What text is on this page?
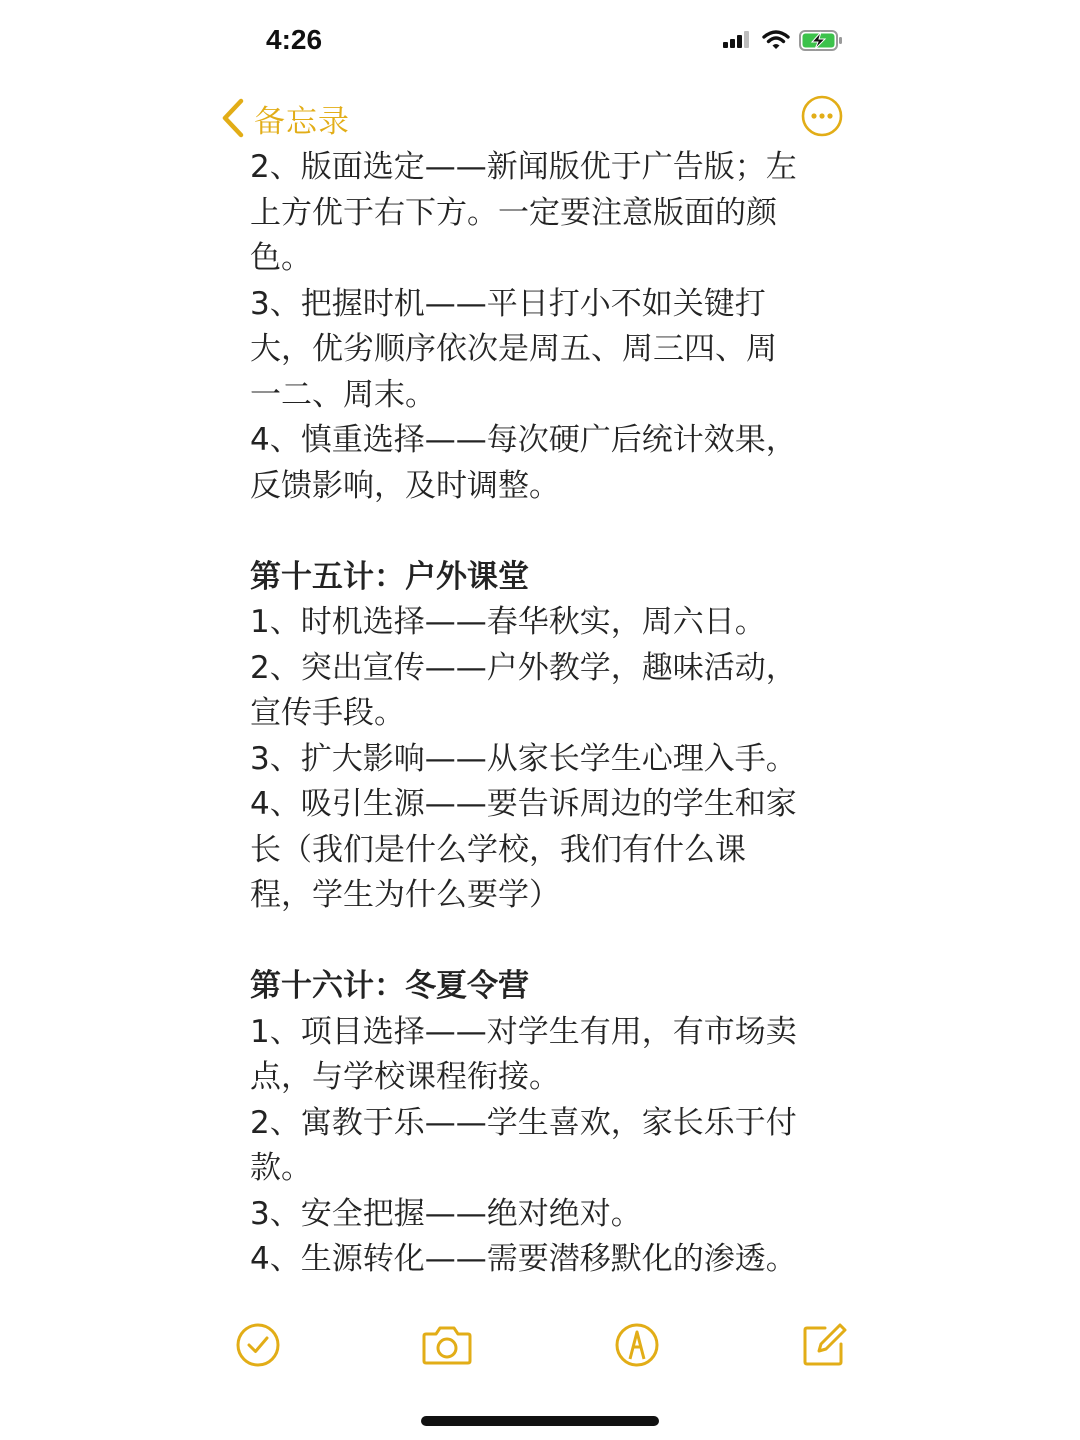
4:26
备忘录
2、版面选定——新闻版优于广告版；左
上方优于右下方。一定要注意版面的颜
色。
3、把握时机——平日打小不如关键打
大，优劣顺序依次是周五、周三四、周
一二、周末。
4、慎重选择——每次硬广后统计效果，
反馈影响，及时调整。
第十五计：户外课堂
1、时机选择——春华秋实，周六日。
2、突出宣传——户外教学，趣味活动，
宣传手段。
3、扩大影响——从家长学生心理入手。
4、吸引生源——要告诉周边的学生和家
长（我们是什么学校，我们有什么课
程，学生为什么要学）
第十六计：冬夏令营
1、项目选择——对学生有用，有市场卖
点，与学校课程衔接。
2、寓教于乐——学生喜欢，家长乐于付
款。
3、安全把握——绝对绝对。
4、生源转化——需要潜移默化的渗透。
